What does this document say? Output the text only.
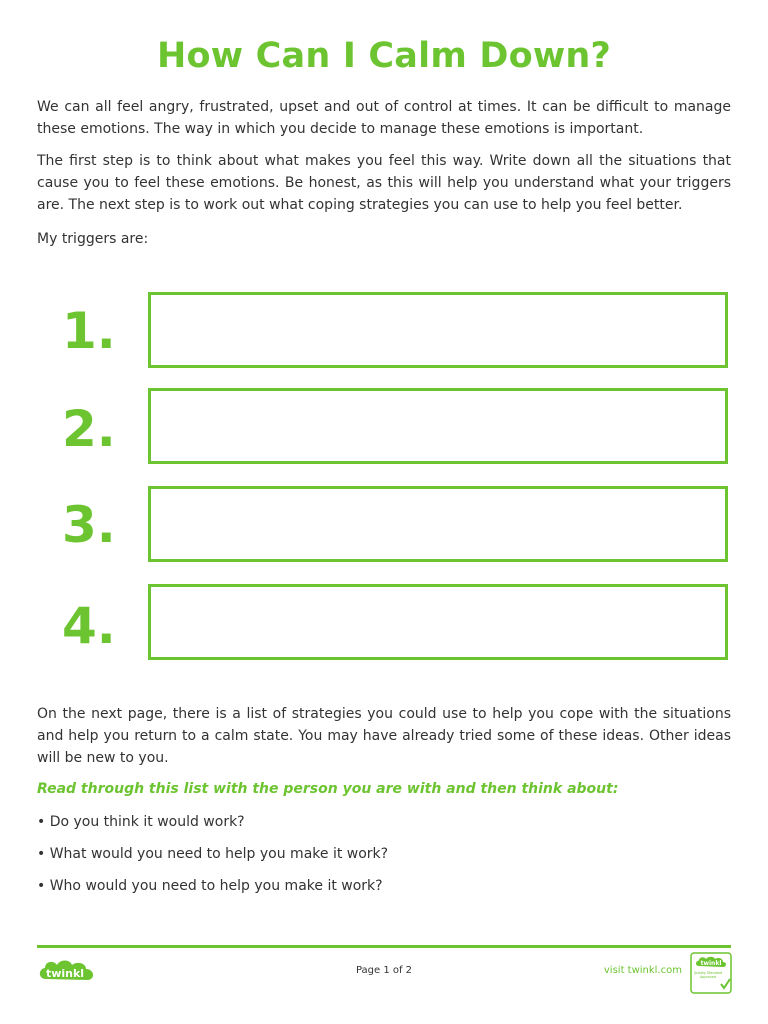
How Can I Calm Down?

We can all feel angry, frustrated, upset and out of control at times. It can be difficult to manage these emotions. The way in which you decide to manage these emotions is important.

The first step is to think about what makes you feel this way. Write down all the situations that cause you to feel these emotions. Be honest, as this will help you understand what your triggers are. The next step is to work out what coping strategies you can use to help you feel better.

My triggers are:

1.
2.
3.
4.

On the next page, there is a list of strategies you could use to help you cope with the situations and help you return to a calm state. You may have already tried some of these ideas. Other ideas will be new to you.

Read through this list with the person you are with and then think about:

• Do you think it would work?

• What would you need to help you make it work?

• Who would you need to help you make it work?

twinkl	Page 1 of 2	visit twinkl.com
twinkl
Quality Standard Approved
